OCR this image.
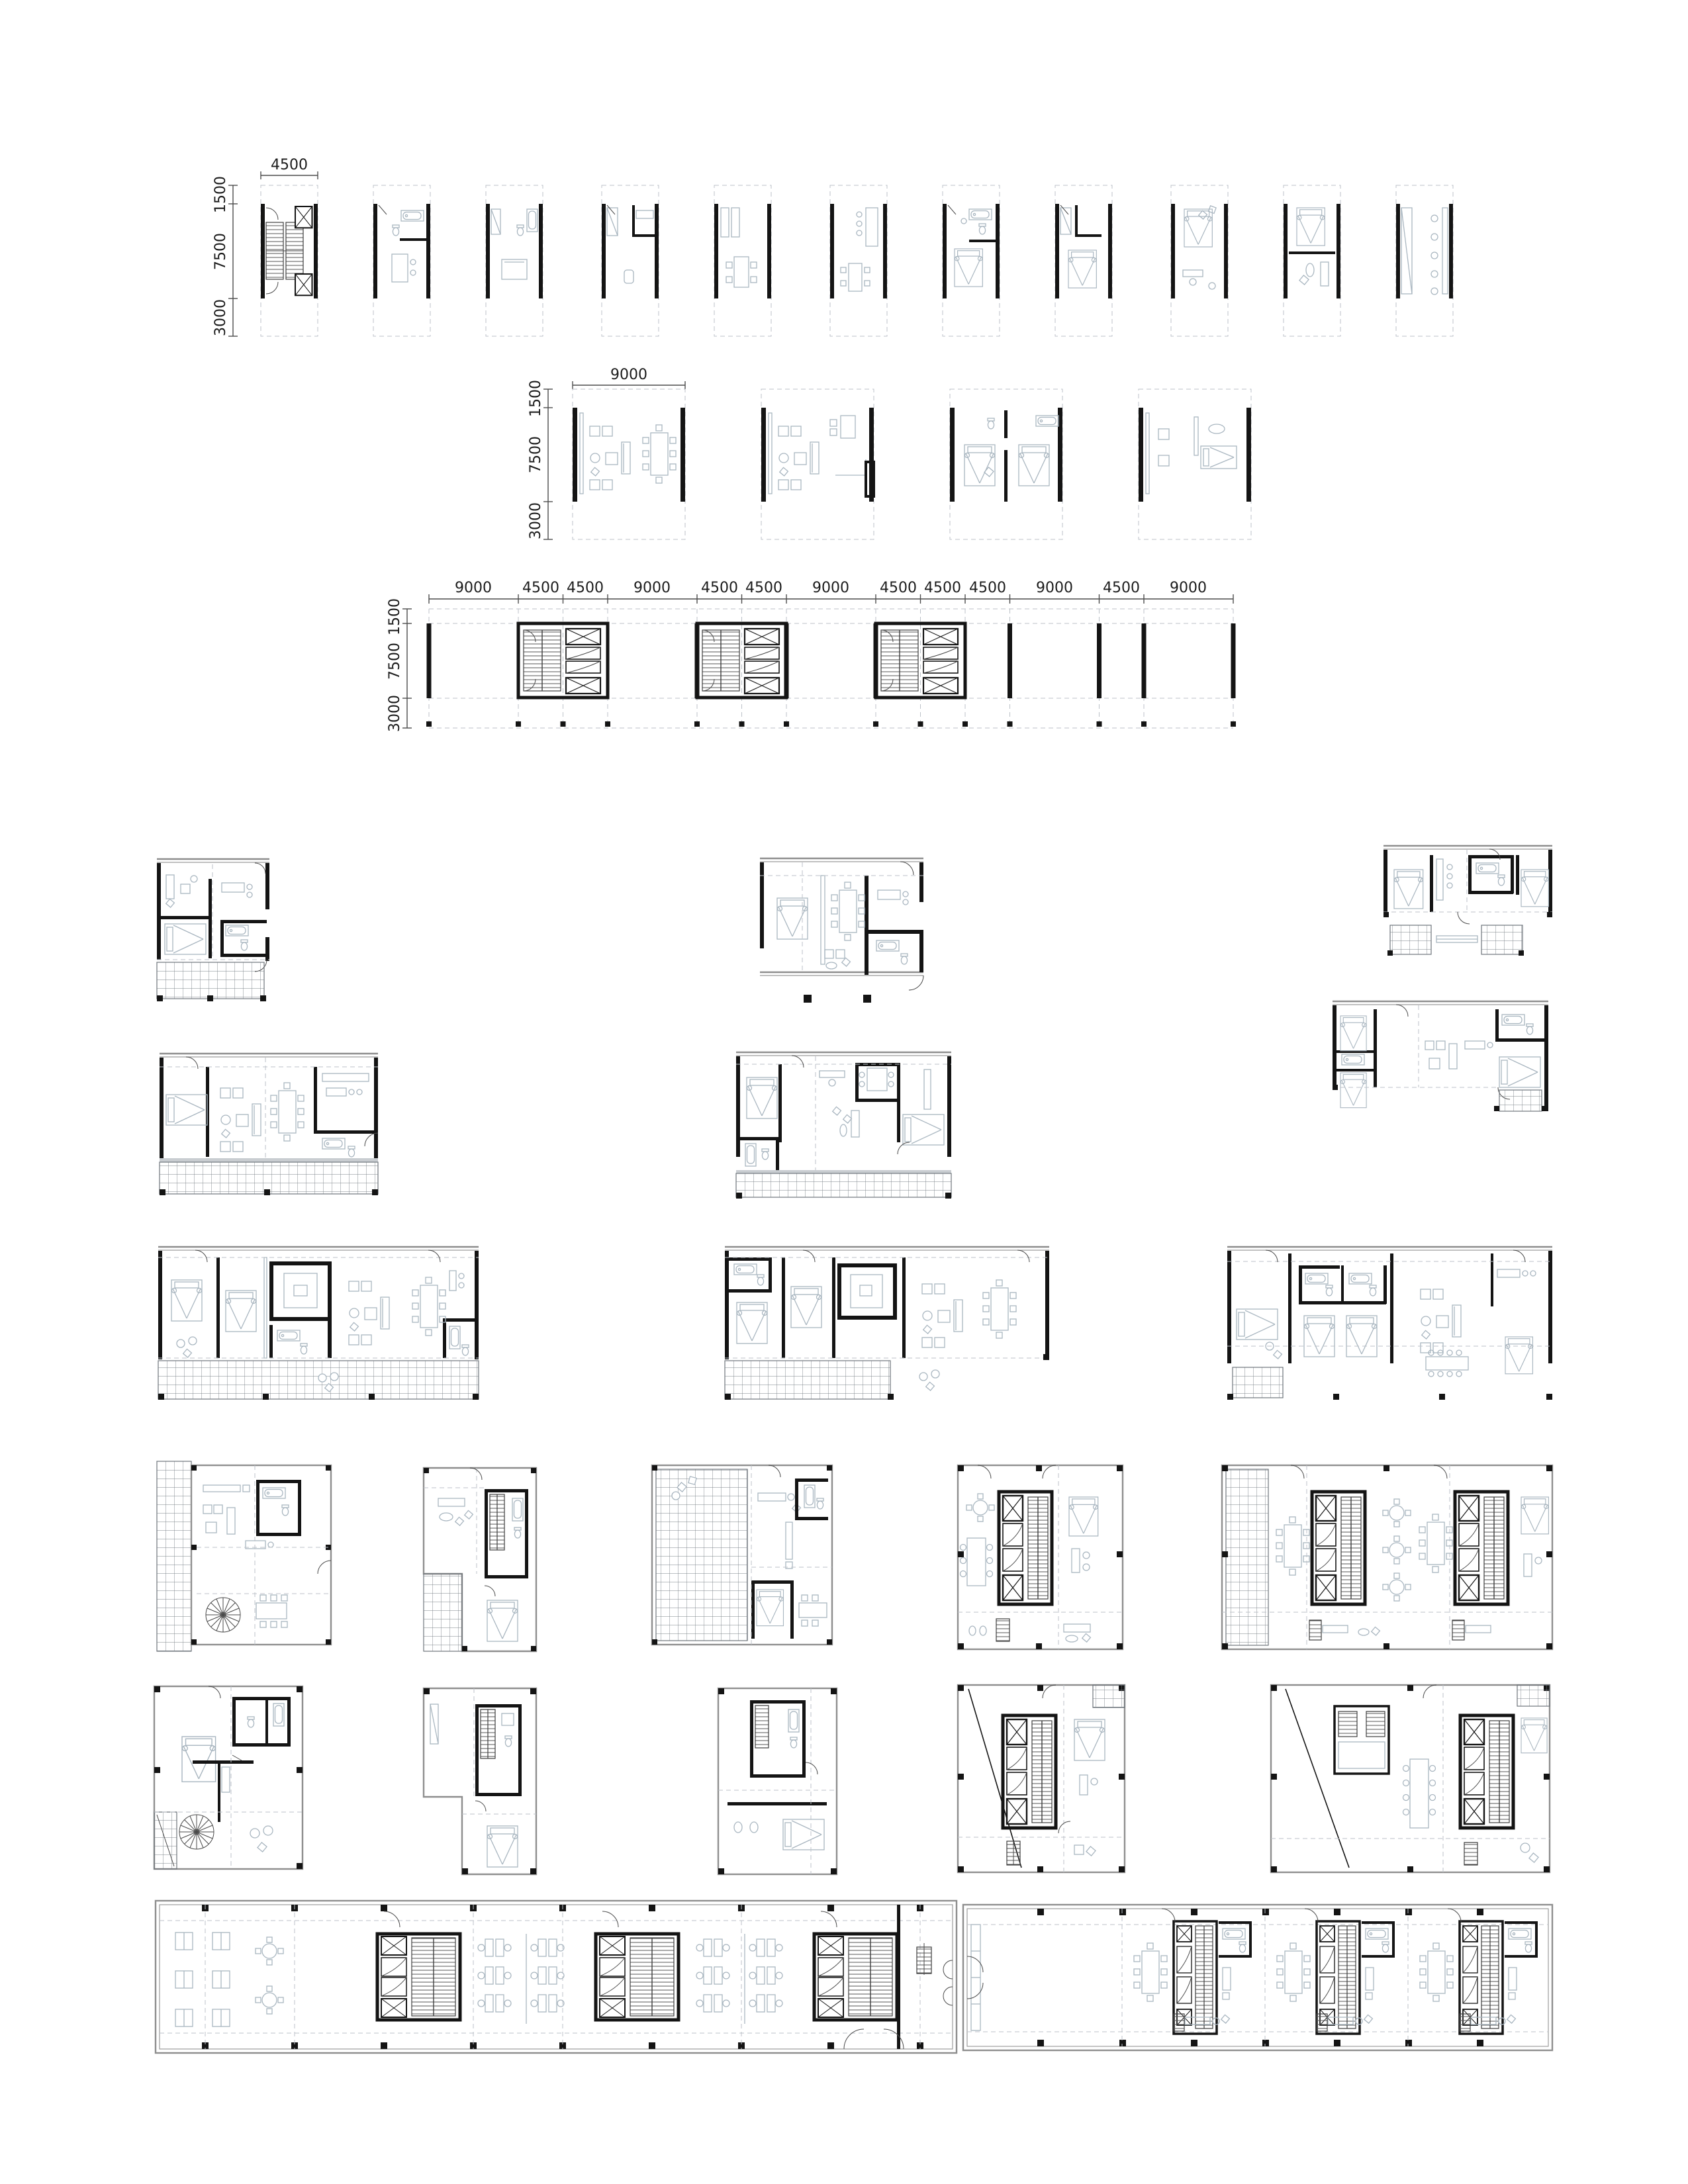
4500
1500
7500
3000
9000
1500
7500
3000
9000 4500 4500 9000 4500 4500 9000 4500 4500 4500 9000 4500 9000
1500
7500
3000
